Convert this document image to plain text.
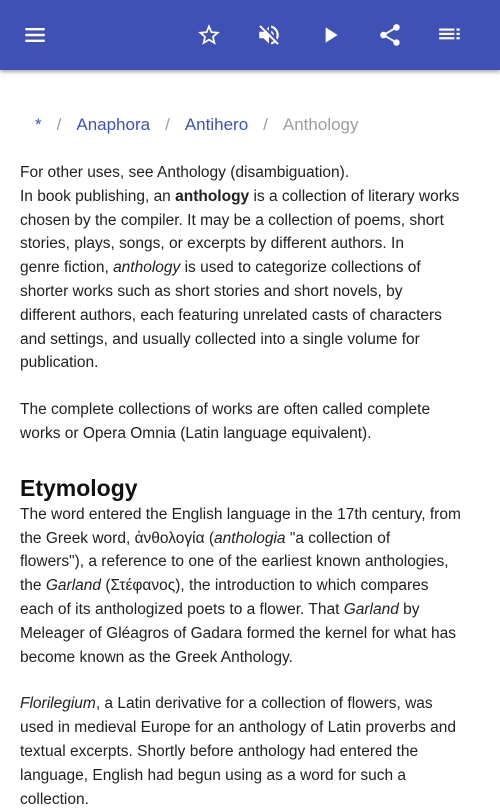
* / Anaphora / Antihero / Anthology

For other uses, see Anthology (disambiguation).
In book publishing, an anthology is a collection of literary works
chosen by the compiler. It may be a collection of poems, short
stories, plays, songs, or excerpts by different authors. In
genre fiction, anthology is used to categorize collections of
shorter works such as short stories and short novels, by
different authors, each featuring unrelated casts of characters
and settings, and usually collected into a single volume for
publication.

The complete collections of works are often called complete
works or Opera Omnia (Latin language equivalent).

Etymology

The word entered the English language in the 17th century, from
the Greek word, ἀνθολογία (anthologia "a collection of
flowers"), a reference to one of the earliest known anthologies,
the Garland (Στέφανος), the introduction to which compares
each of its anthologized poets to a flower. That Garland by
Meleager of Gléagros of Gadara formed the kernel for what has
become known as the Greek Anthology.

Florilegium, a Latin derivative for a collection of flowers, was
used in medieval Europe for an anthology of Latin proverbs and
textual excerpts. Shortly before anthology had entered the
language, English had begun using as a word for such a
collection.
